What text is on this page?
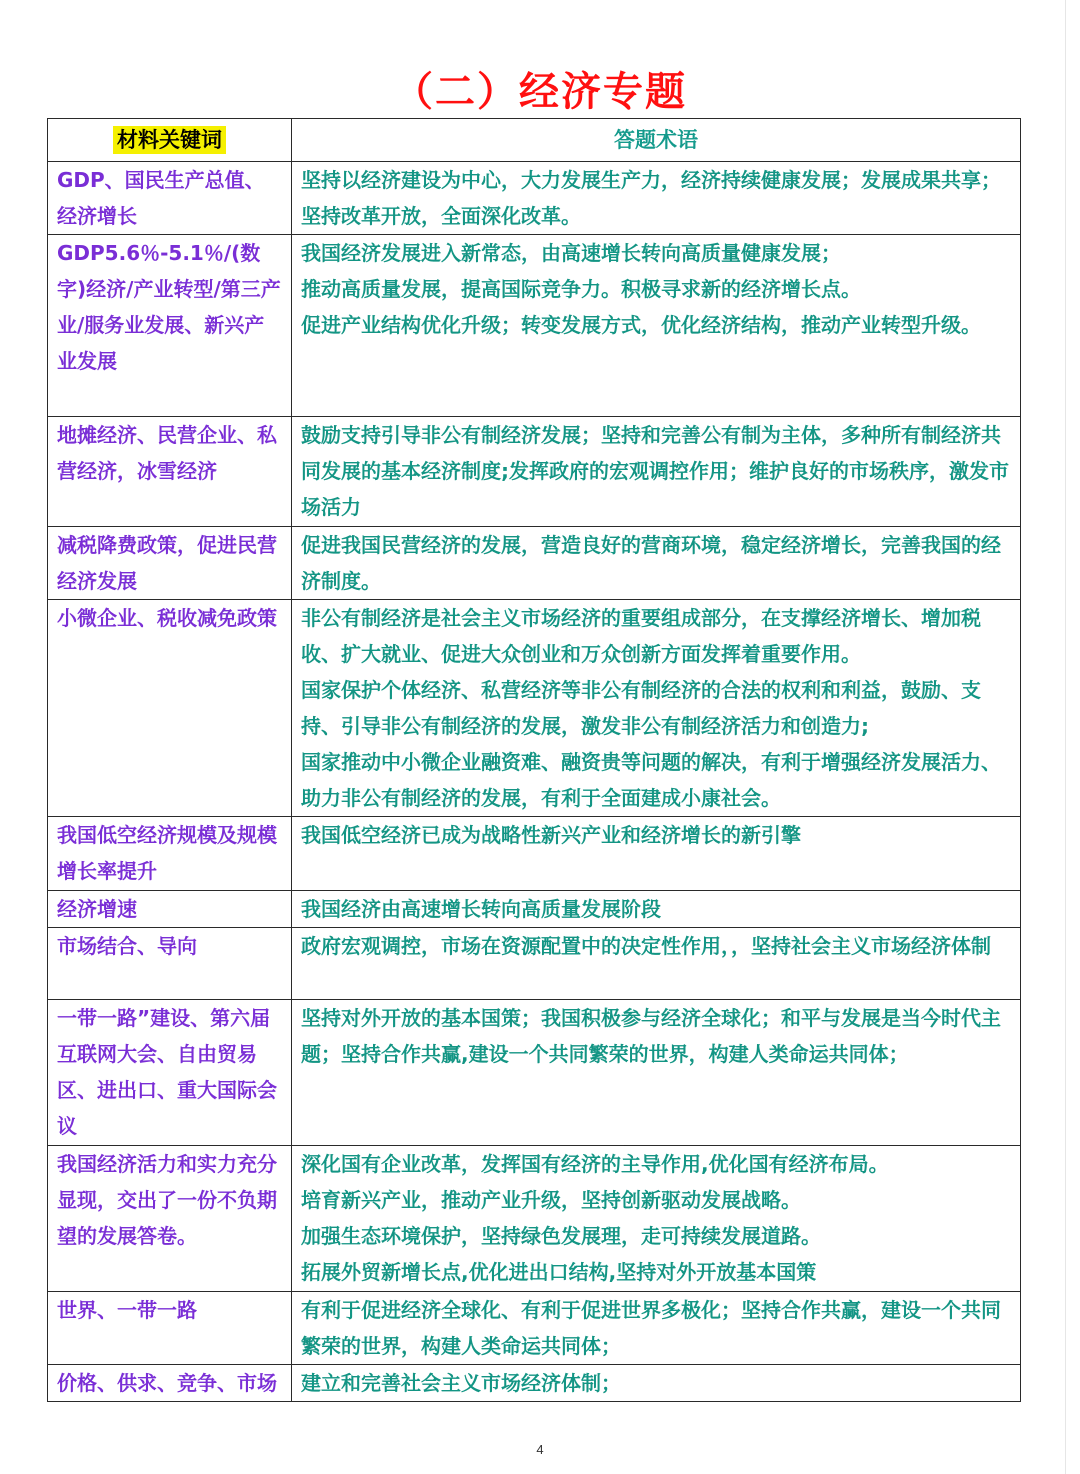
（二）经济专题
材料关键词	答题术语
GDP、国民生产总值、经济增长	坚持以经济建设为中心，大力发展生产力，经济持续健康发展；发展成果共享；坚持改革开放，全面深化改革。

GDP5.6％-5.1％/(数字)经济/产业转型/第三产业/服务业发展、新兴产业发展	我国经济发展进入新常态，由高速增长转向高质量健康发展；
推动高质量发展，提高国际竞争力。积极寻求新的经济增长点。
促进产业结构优化升级；转变发展方式，优化经济结构，推动产业转型升级。

地摊经济、民营企业、私营经济，冰雪经济	鼓励支持引导非公有制经济发展；坚持和完善公有制为主体，多种所有制经济共同发展的基本经济制度;发挥政府的宏观调控作用；维护良好的市场秩序，激发市场活力

减税降费政策，促进民营经济发展	促进我国民营经济的发展，营造良好的营商环境，稳定经济增长，完善我国的经济制度。

小微企业、税收减免政策	非公有制经济是社会主义市场经济的重要组成部分，在支撑经济增长、增加税收、扩大就业、促进大众创业和万众创新方面发挥着重要作用。
国家保护个体经济、私营经济等非公有制经济的合法的权利和利益，鼓励、支持、引导非公有制经济的发展，激发非公有制经济活力和创造力;
国家推动中小微企业融资难、融资贵等问题的解决，有利于增强经济发展活力、助力非公有制经济的发展，有利于全面建成小康社会。

我国低空经济规模及规模增长率提升	我国低空经济已成为战略性新兴产业和经济增长的新引擎

经济增速	我国经济由高速增长转向高质量发展阶段

市场结合、导向	政府宏观调控，市场在资源配置中的决定性作用，，坚持社会主义市场经济体制

一带一路”建设、第六届互联网大会、自由贸易区、进出口、重大国际会议	坚持对外开放的基本国策；我国积极参与经济全球化；和平与发展是当今时代主题；坚持合作共赢,建设一个共同繁荣的世界，构建人类命运共同体；

我国经济活力和实力充分显现，交出了一份不负期望的发展答卷。	深化国有企业改革，发挥国有经济的主导作用,优化国有经济布局。
培育新兴产业，推动产业升级，坚持创新驱动发展战略。
加强生态环境保护，坚持绿色发展理，走可持续发展道路。
拓展外贸新增长点,优化进出口结构,坚持对外开放基本国策

世界、一带一路	有利于促进经济全球化、有利于促进世界多极化；坚持合作共赢，建设一个共同繁荣的世界，构建人类命运共同体；

价格、供求、竞争、市场	建立和完善社会主义市场经济体制；
4
